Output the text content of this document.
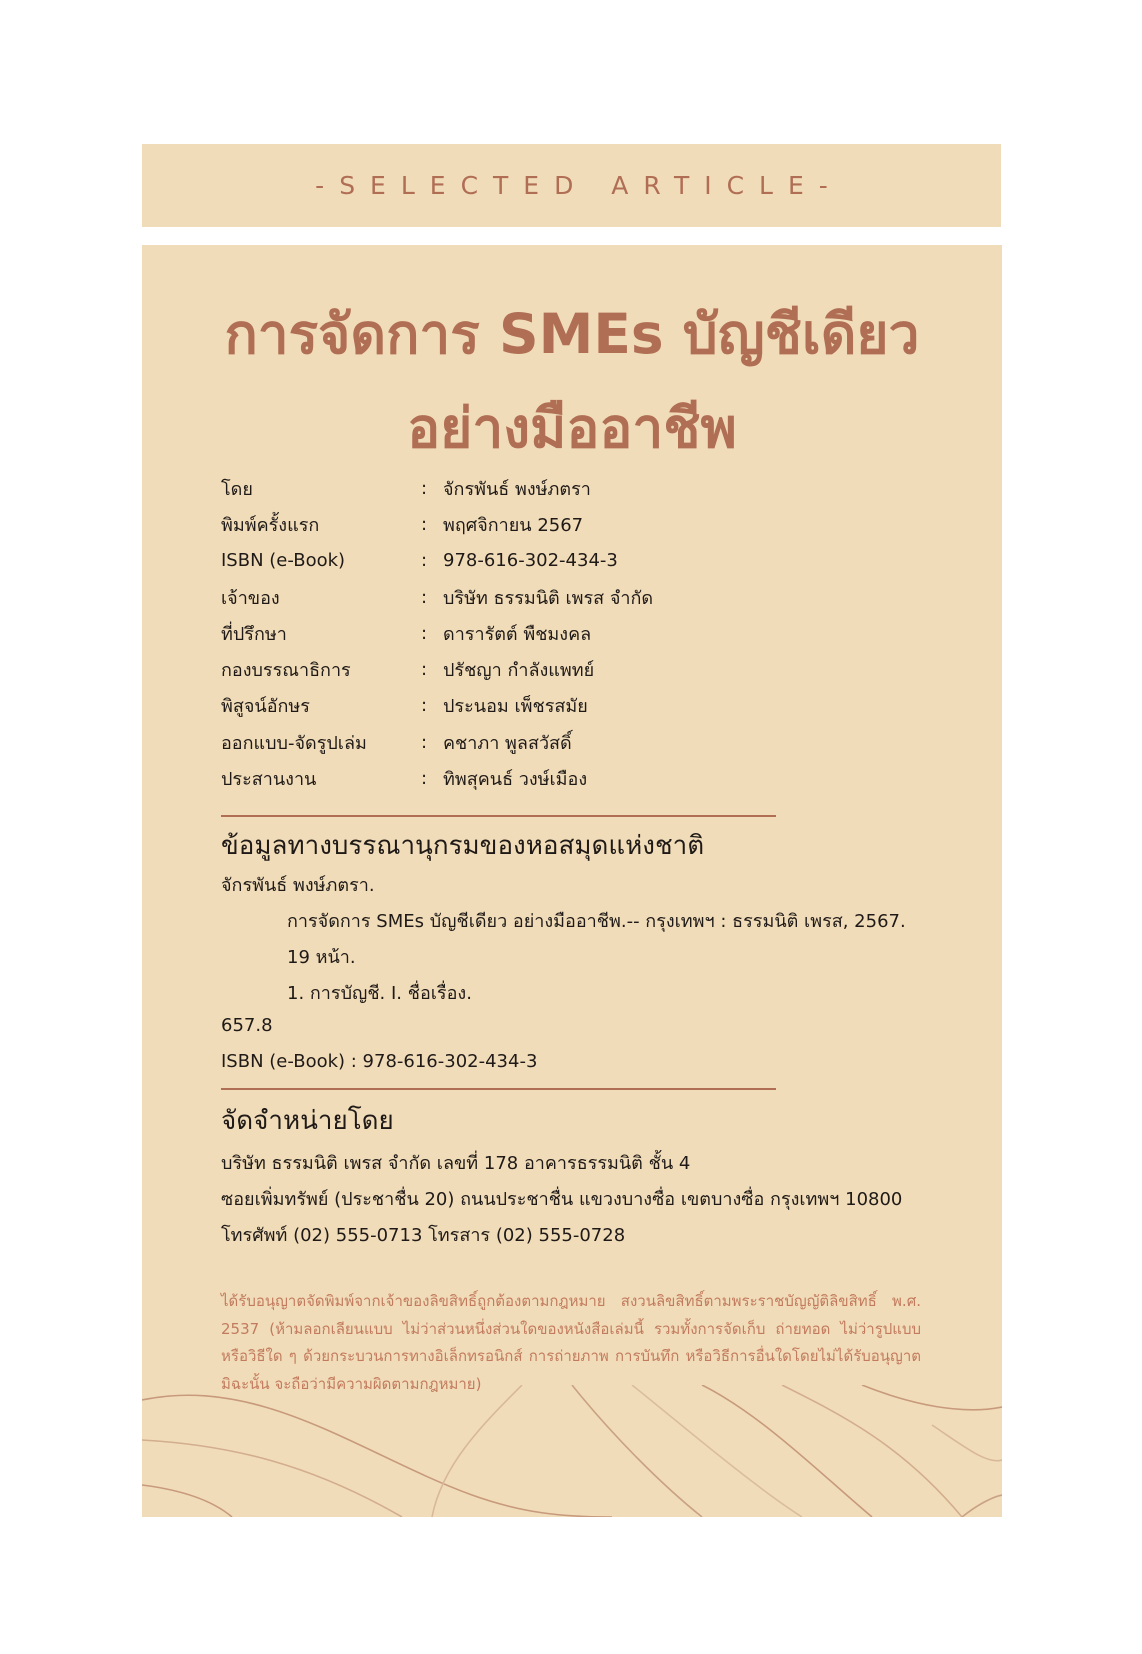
-SELECTED ARTICLE-
การจัดการ SMEs บัญชีเดียว
อย่างมืออาชีพ
โดย	: จักรพันธ์ พงษ์ภตรา
พิมพ์ครั้งแรก	: พฤศจิกายน 2567
ISBN (e-Book)	: 978-616-302-434-3
เจ้าของ	: บริษัท ธรรมนิติ เพรส จำกัด
ที่ปรึกษา	: ดารารัตต์ พืชมงคล
กองบรรณาธิการ	: ปรัชญา กำลังแพทย์
พิสูจน์อักษร	: ประนอม เพ็ชรสมัย
ออกแบบ-จัดรูปเล่ม	: คชาภา พูลสวัสดิ์
ประสานงาน	: ทิพสุคนธ์ วงษ์เมือง
ข้อมูลทางบรรณานุกรมของหอสมุดแห่งชาติ
จักรพันธ์ พงษ์ภตรา.
การจัดการ SMEs บัญชีเดียว อย่างมืออาชีพ.-- กรุงเทพฯ : ธรรมนิติ เพรส, 2567.
19 หน้า.
1. การบัญชี. I. ชื่อเรื่อง.
657.8
ISBN (e-Book) : 978-616-302-434-3
จัดจำหน่ายโดย
บริษัท ธรรมนิติ เพรส จำกัด เลขที่ 178 อาคารธรรมนิติ ชั้น 4
ซอยเพิ่มทรัพย์ (ประชาชื่น 20) ถนนประชาชื่น แขวงบางซื่อ เขตบางซื่อ กรุงเทพฯ 10800
โทรศัพท์ (02) 555-0713 โทรสาร (02) 555-0728
ได้รับอนุญาตจัดพิมพ์จากเจ้าของลิขสิทธิ์ถูกต้องตามกฎหมาย สงวนลิขสิทธิ์ตามพระราชบัญญัติลิขสิทธิ์ พ.ศ. 2537 (ห้ามลอกเลียนแบบ ไม่ว่าส่วนหนึ่งส่วนใดของหนังสือเล่มนี้ รวมทั้งการจัดเก็บ ถ่ายทอด ไม่ว่ารูปแบบหรือวิธีใด ๆ ด้วยกระบวนการทางอิเล็กทรอนิกส์ การถ่ายภาพ การบันทึก หรือวิธีการอื่นใดโดยไม่ได้รับอนุญาตมิฉะนั้น จะถือว่ามีความผิดตามกฎหมาย)
